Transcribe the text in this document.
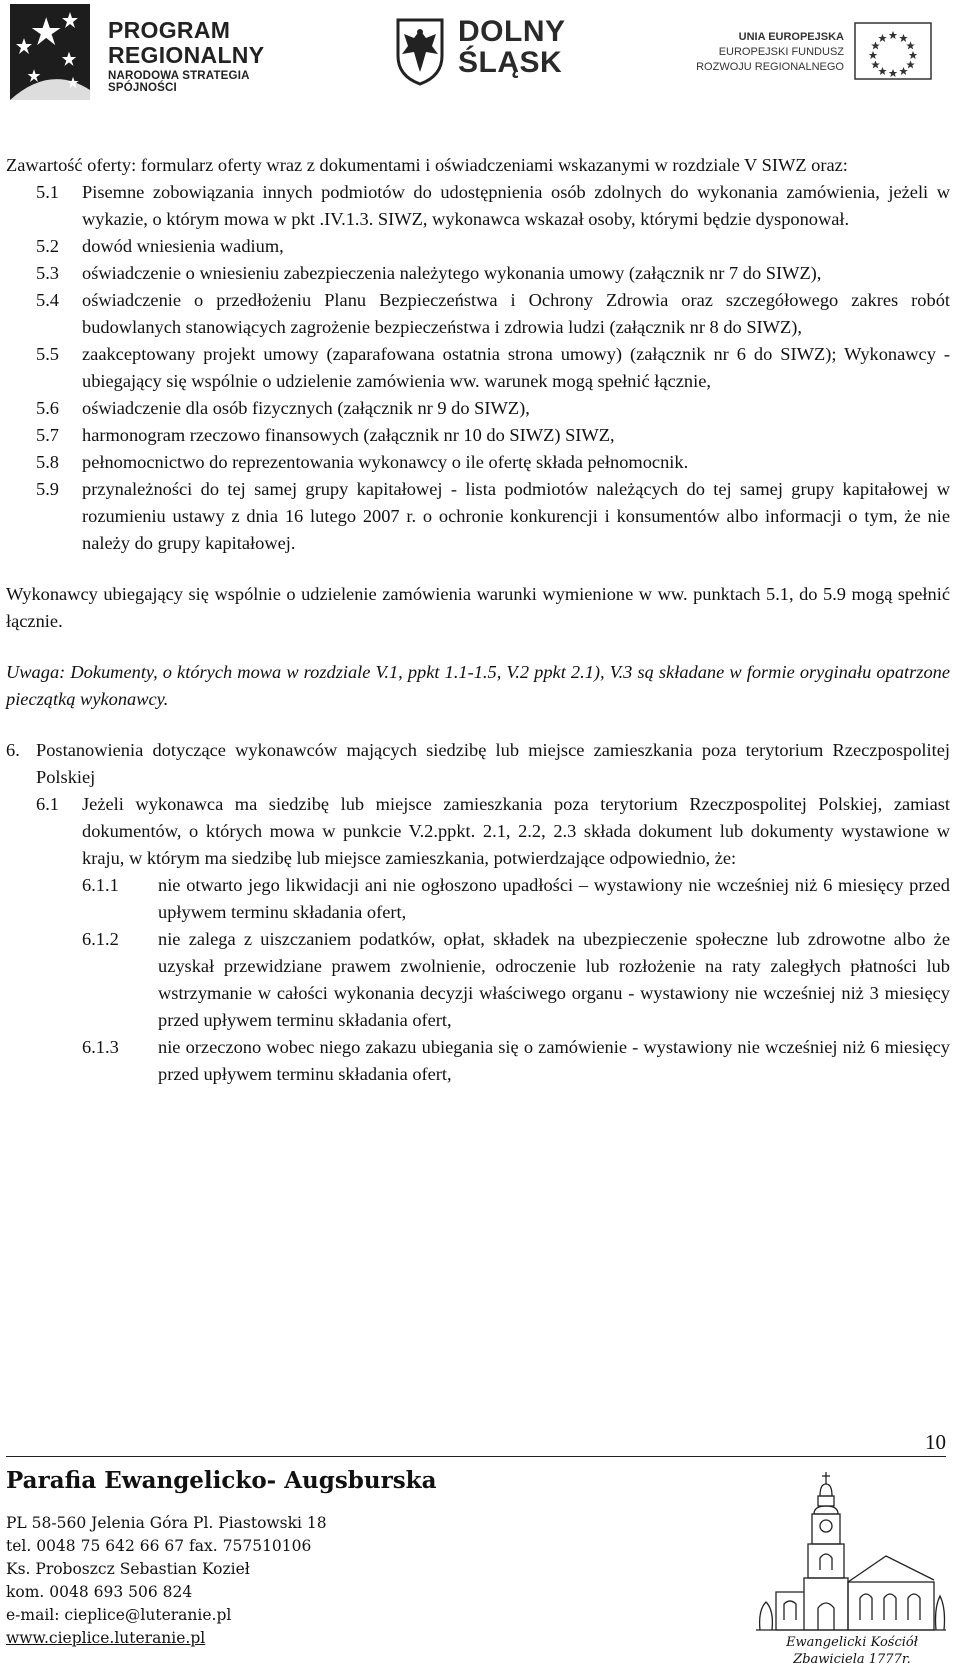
PROGRAM
REGIONALNY
NARODOWA STRATEGIA SPÓJNOŚCI
DOLNY
ŚLĄSK
UNIA EUROPEJSKA
EUROPEJSKI FUNDUSZ
ROZWOJU REGIONALNEGO

Zawartość oferty: formularz oferty wraz z dokumentami i oświadczeniami wskazanymi w rozdziale V SIWZ oraz:

5.1	Pisemne zobowiązania innych podmiotów do udostępnienia osób zdolnych do wykonania zamówienia, jeżeli w wykazie, o którym mowa w pkt .IV.1.3. SIWZ, wykonawca wskazał osoby, którymi będzie dysponował.
5.2	dowód wniesienia wadium,
5.3	oświadczenie o wniesieniu zabezpieczenia należytego wykonania umowy (załącznik nr 7 do SIWZ),
5.4	oświadczenie o przedłożeniu Planu Bezpieczeństwa i Ochrony Zdrowia oraz szczegółowego zakres robót budowlanych stanowiących zagrożenie bezpieczeństwa i zdrowia ludzi (załącznik nr 8 do SIWZ),
5.5	zaakceptowany projekt umowy (zaparafowana ostatnia strona umowy) (załącznik nr 6 do SIWZ); Wykonawcy - ubiegający się wspólnie o udzielenie zamówienia ww. warunek mogą spełnić łącznie,
5.6	oświadczenie dla osób fizycznych (załącznik nr 9 do SIWZ),
5.7	harmonogram rzeczowo finansowych (załącznik nr 10 do SIWZ) SIWZ,
5.8	pełnomocnictwo do reprezentowania wykonawcy o ile ofertę składa pełnomocnik.
5.9	przynależności do tej samej grupy kapitałowej - lista podmiotów należących do tej samej grupy kapitałowej w rozumieniu ustawy z dnia 16 lutego 2007 r. o ochronie konkurencji i konsumentów albo informacji o tym, że nie należy do grupy kapitałowej.

Wykonawcy ubiegający się wspólnie o udzielenie zamówienia warunki wymienione w ww. punktach 5.1, do 5.9 mogą spełnić łącznie.

Uwaga: Dokumenty, o których mowa w rozdziale V.1, ppkt 1.1-1.5, V.2 ppkt 2.1), V.3 są składane w formie oryginału opatrzone pieczątką wykonawcy.

6. Postanowienia dotyczące wykonawców mających siedzibę lub miejsce zamieszkania poza terytorium Rzeczpospolitej Polskiej
6.1	Jeżeli wykonawca ma siedzibę lub miejsce zamieszkania poza terytorium Rzeczpospolitej Polskiej, zamiast dokumentów, o których mowa w punkcie V.2.ppkt. 2.1, 2.2, 2.3 składa dokument lub dokumenty wystawione w kraju, w którym ma siedzibę lub miejsce zamieszkania, potwierdzające odpowiednio, że:
6.1.1	nie otwarto jego likwidacji ani nie ogłoszono upadłości – wystawiony nie wcześniej niż 6 miesięcy przed upływem terminu składania ofert,
6.1.2	nie zalega z uiszczaniem podatków, opłat, składek na ubezpieczenie społeczne lub zdrowotne albo że uzyskał przewidziane prawem zwolnienie, odroczenie lub rozłożenie na raty zaległych płatności lub wstrzymanie w całości wykonania decyzji właściwego organu - wystawiony nie wcześniej niż 3 miesięcy przed upływem terminu składania ofert,
6.1.3	nie orzeczono wobec niego zakazu ubiegania się o zamówienie - wystawiony nie wcześniej niż 6 miesięcy przed upływem terminu składania ofert,
10
Parafia Ewangelicko- Augsburska
PL 58-560 Jelenia Góra Pl. Piastowski 18
tel. 0048 75 642 66 67 fax. 757510106
Ks. Proboszcz Sebastian Kozieł
kom. 0048 693 506 824
e-mail: cieplice@luteranie.pl
www.cieplice.luteranie.pl	Ewangelicki Kościół Zbawiciela 1777r.
